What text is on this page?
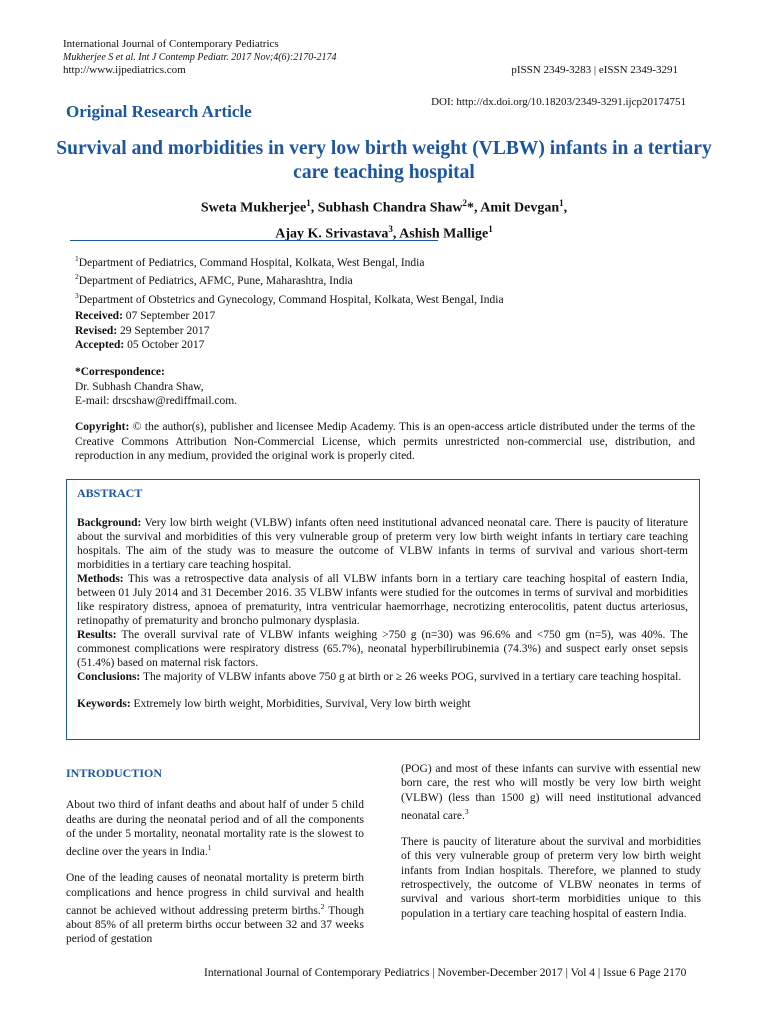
International Journal of Contemporary Pediatrics
Mukherjee S et al. Int J Contemp Pediatr. 2017 Nov;4(6):2170-2174
http://www.ijpediatrics.com	pISSN 2349-3283 | eISSN 2349-3291
DOI: http://dx.doi.org/10.18203/2349-3291.ijcp20174751
Original Research Article
Survival and morbidities in very low birth weight (VLBW) infants in a tertiary care teaching hospital
Sweta Mukherjee$^1$, Subhash Chandra Shaw$^2$*, Amit Devgan$^1$,
Ajay K. Srivastava$^3$, Ashish Mallige$^1$
$^1$Department of Pediatrics, Command Hospital, Kolkata, West Bengal, India
$^2$Department of Pediatrics, AFMC, Pune, Maharashtra, India
$^3$Department of Obstetrics and Gynecology, Command Hospital, Kolkata, West Bengal, India
Received: 07 September 2017
Revised: 29 September 2017
Accepted: 05 October 2017
*Correspondence:
Dr. Subhash Chandra Shaw,
E-mail: drscshaw@rediffmail.com.
Copyright: © the author(s), publisher and licensee Medip Academy. This is an open-access article distributed under the terms of the Creative Commons Attribution Non-Commercial License, which permits unrestricted non-commercial use, distribution, and reproduction in any medium, provided the original work is properly cited.
ABSTRACT

Background: Very low birth weight (VLBW) infants often need institutional advanced neonatal care. There is paucity of literature about the survival and morbidities of this very vulnerable group of preterm very low birth weight infants in tertiary care teaching hospitals. The aim of the study was to measure the outcome of VLBW infants in terms of survival and various short-term morbidities in a tertiary care teaching hospital.

Methods: This was a retrospective data analysis of all VLBW infants born in a tertiary care teaching hospital of eastern India, between 01 July 2014 and 31 December 2016. 35 VLBW infants were studied for the outcomes in terms of survival and morbidities like respiratory distress, apnoea of prematurity, intra ventricular haemorrhage, necrotizing enterocolitis, patent ductus arteriosus, retinopathy of prematurity and broncho pulmonary dysplasia.

Results: The overall survival rate of VLBW infants weighing >750 g (n=30) was 96.6% and <750 gm (n=5), was 40%. The commonest complications were respiratory distress (65.7%), neonatal hyperbilirubinemia (74.3%) and suspect early onset sepsis (51.4%) based on maternal risk factors.

Conclusions: The majority of VLBW infants above 750 g at birth or ≥ 26 weeks POG, survived in a tertiary care teaching hospital.

Keywords: Extremely low birth weight, Morbidities, Survival, Very low birth weight

INTRODUCTION

About two third of infant deaths and about half of under 5 child deaths are during the neonatal period and of all the components of the under 5 mortality, neonatal mortality rate is the slowest to decline over the years in India.$^1$

One of the leading causes of neonatal mortality is preterm birth complications and hence progress in child survival and health cannot be achieved without addressing preterm births.$^2$ Though about 85% of all preterm births occur between 32 and 37 weeks period of gestation

(POG) and most of these infants can survive with essential new born care, the rest who will mostly be very low birth weight (VLBW) (less than 1500 g) will need institutional advanced neonatal care.$^3$

There is paucity of literature about the survival and morbidities of this very vulnerable group of preterm very low birth weight infants from Indian hospitals. Therefore, we planned to study retrospectively, the outcome of VLBW neonates in terms of survival and various short-term morbidities unique to this population in a tertiary care teaching hospital of eastern India.

International Journal of Contemporary Pediatrics | November-December 2017 | Vol 4 | Issue 6 Page 2170
